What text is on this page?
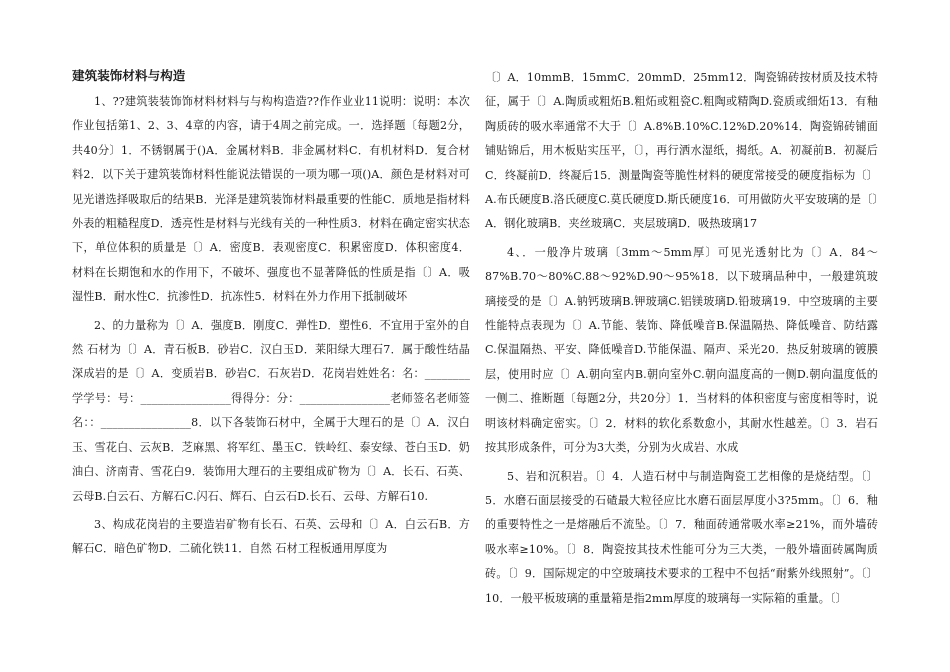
建筑装饰材料与构造

1、??建筑装装饰饰材料材料与与构构造造??作作业业11说明：说明：本次作业包括第1、2、3、4章的内容，请于4周之前完成。一．选择题〔每题2分，共40分〕1．不锈钢属于()A．金属材料B．非金属材料C．有机材料D．复合材料2．以下关于建筑装饰材料性能说法错误的一项为哪一项()A．颜色是材料对可见光谱选择吸取后的结果B．光泽是建筑装饰材料最重要的性能C．质地是指材料外表的粗糙程度D．透亮性是材料与光线有关的一种性质3．材料在确定密实状态下，单位体积的质量是〔〕A．密度B．表观密度C．积累密度D．体积密度4．材料在长期饱和水的作用下，不破坏、强度也不显著降低的性质是指〔〕A．吸湿性B．耐水性C．抗渗性D．抗冻性5．材料在外力作用下抵制破坏

2、的力量称为〔〕A．强度B．刚度C．弹性D．塑性6．不宜用于室外的自然 石材为〔〕A．青石板B．砂岩C．汉白玉D．莱阳绿大理石7．属于酸性结晶深成岩的是〔〕A．变质岩B．砂岩C．石灰岩D．花岗岩姓姓名：名：________学学号：号：________________得得分：分：________________老师签名老师签名：：________________8．以下各装饰石材中，全属于大理石的是〔〕A．汉白玉、雪花白、云灰B．芝麻黑、将军红、墨玉C．铁岭红、泰安绿、苍白玉D．奶油白、济南青、雪花白9．装饰用大理石的主要组成矿物为〔〕A．长石、石英、云母B.白云石、方解石C.闪石、辉石、白云石D.长石、云母、方解石10.

3、构成花岗岩的主要造岩矿物有长石、石英、云母和〔〕A．白云石B．方解石C．暗色矿物D．二硫化铁11．自然 石材工程板通用厚度为

〔〕A．10mmB．15mmC．20mmD．25mm12．陶瓷锦砖按材质及技术特征，属于〔〕A.陶质或粗炻B.粗炻或粗瓷C.粗陶或精陶D.瓷质或细炻13．有釉陶质砖的吸水率通常不大于〔〕A.8%B.10%C.12%D.20%14．陶瓷锦砖铺面铺贴锦后，用木板贴实压平，〔〕，再行洒水湿纸，揭纸。A．初凝前B．初凝后C．终凝前D．终凝后15．测量陶瓷等脆性材料的硬度常接受的硬度指标为〔〕A.布氏硬度B.洛氏硬度C.莫氏硬度D.斯氏硬度16．可用做防火平安玻璃的是〔〕A．钢化玻璃B．夹丝玻璃C．夹层玻璃D．吸热玻璃17

4、．一般净片玻璃〔3mm～5mm厚〕可见光透射比为〔〕A．84～87%B.70～80%C.88～92%D.90～95%18．以下玻璃品种中，一般建筑玻璃接受的是〔〕A.钠钙玻璃B.钾玻璃C.铝镁玻璃D.铅玻璃19．中空玻璃的主要性能特点表现为〔〕A.节能、装饰、降低噪音B.保温隔热、降低噪音、防结露C.保温隔热、平安、降低噪音D.节能保温、隔声、采光20．热反射玻璃的镀膜层，使用时应〔〕A.朝向室内B.朝向室外C.朝向温度高的一侧D.朝向温度低的一侧二、推断题〔每题2分，共20分〕1．当材料的体积密度与密度相等时，说明该材料确定密实。〔〕2．材料的软化系数愈小，其耐水性越差。〔〕3．岩石按其形成条件，可分为3大类，分别为火成岩、水成

5、岩和沉积岩。〔〕4．人造石材中与制造陶瓷工艺相像的是烧结型。〔〕5．水磨石面层接受的石碴最大粒径应比水磨石面层厚度小3?5mm。〔〕6．釉的重要特性之一是熔融后不流坠。〔〕7．釉面砖通常吸水率≥21%，而外墙砖吸水率≥10%。〔〕8．陶瓷按其技术性能可分为三大类，一般外墙面砖属陶质砖。〔〕9．国际规定的中空玻璃技术要求的工程中不包括“耐紫外线照射”。〔〕10．一般平板玻璃的重量箱是指2mm厚度的玻璃每一实际箱的重量。〔〕
